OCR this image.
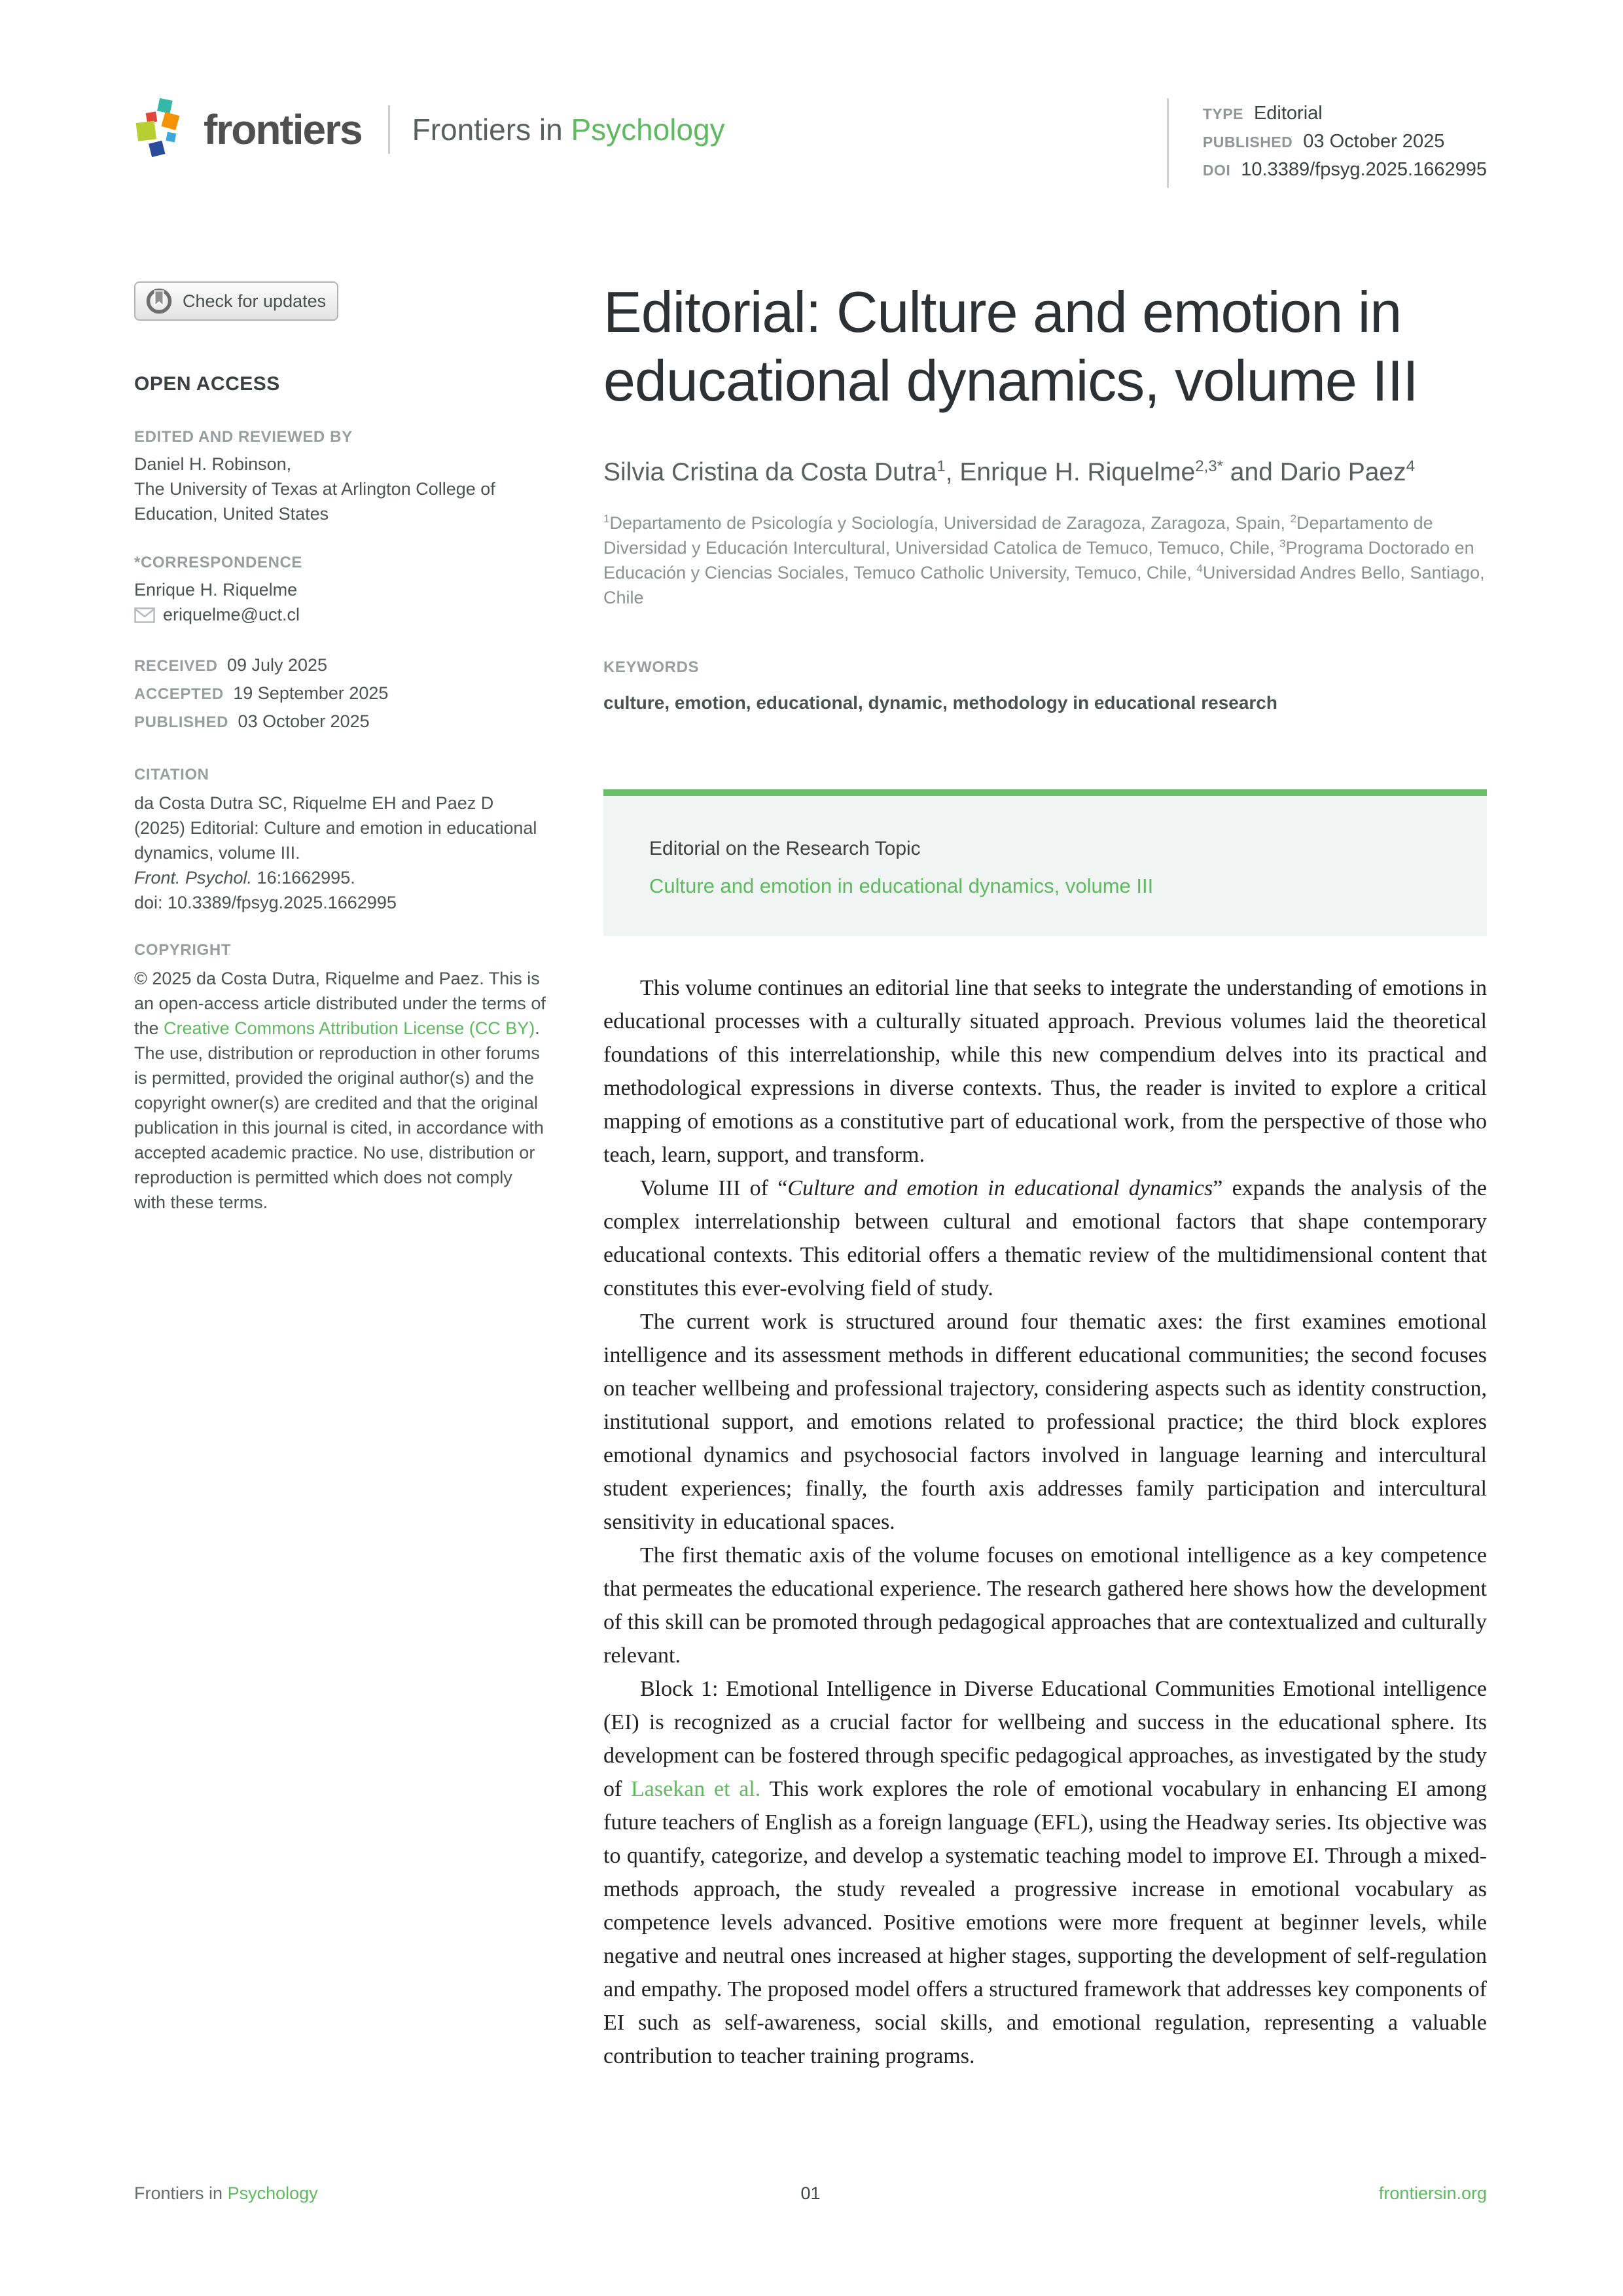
frontiers Frontiers in Psychology	TYPE Editorial
PUBLISHED 03 October 2025
DOI 10.3389/fpsyg.2025.1662995
Check for updates
OPEN ACCESS
EDITED AND REVIEWED BY
Daniel H. Robinson,
The University of Texas at Arlington College of Education, United States
*CORRESPONDENCE
Enrique H. Riquelme
eriquelme@uct.cl
RECEIVED 09 July 2025
ACCEPTED 19 September 2025
PUBLISHED 03 October 2025
CITATION
da Costa Dutra SC, Riquelme EH and Paez D
(2025) Editorial: Culture and emotion in educational dynamics, volume III.
Front. Psychol. 16:1662995.
doi: 10.3389/fpsyg.2025.1662995
COPYRIGHT
© 2025 da Costa Dutra, Riquelme and Paez. This is an open-access article distributed under the terms of the Creative Commons Attribution License (CC BY). The use, distribution or reproduction in other forums is permitted, provided the original author(s) and the copyright owner(s) are credited and that the original publication in this journal is cited, in accordance with accepted academic practice. No use, distribution or reproduction is permitted which does not comply with these terms.
Editorial: Culture and emotion in educational dynamics, volume III
Silvia Cristina da Costa Dutra$^1$, Enrique H. Riquelme$^{2,3*}$ and Dario Paez$^4$
$^1$Departamento de Psicología y Sociología, Universidad de Zaragoza, Zaragoza, Spain, $^2$Departamento de Diversidad y Educación Intercultural, Universidad Catolica de Temuco, Temuco, Chile, $^3$Programa Doctorado en Educación y Ciencias Sociales, Temuco Catholic University, Temuco, Chile, $^4$Universidad Andres Bello, Santiago, Chile
KEYWORDS
culture, emotion, educational, dynamic, methodology in educational research
Editorial on the Research Topic
Culture and emotion in educational dynamics, volume III

This volume continues an editorial line that seeks to integrate the understanding of emotions in educational processes with a culturally situated approach. Previous volumes laid the theoretical foundations of this interrelationship, while this new compendium delves into its practical and methodological expressions in diverse contexts. Thus, the reader is invited to explore a critical mapping of emotions as a constitutive part of educational work, from the perspective of those who teach, learn, support, and transform.

Volume III of “Culture and emotion in educational dynamics” expands the analysis of the complex interrelationship between cultural and emotional factors that shape contemporary educational contexts. This editorial offers a thematic review of the multidimensional content that constitutes this ever-evolving field of study.

The current work is structured around four thematic axes: the first examines emotional intelligence and its assessment methods in different educational communities; the second focuses on teacher wellbeing and professional trajectory, considering aspects such as identity construction, institutional support, and emotions related to professional practice; the third block explores emotional dynamics and psychosocial factors involved in language learning and intercultural student experiences; finally, the fourth axis addresses family participation and intercultural sensitivity in educational spaces.

The first thematic axis of the volume focuses on emotional intelligence as a key competence that permeates the educational experience. The research gathered here shows how the development of this skill can be promoted through pedagogical approaches that are contextualized and culturally relevant.

Block 1: Emotional Intelligence in Diverse Educational Communities Emotional intelligence (EI) is recognized as a crucial factor for wellbeing and success in the educational sphere. Its development can be fostered through specific pedagogical approaches, as investigated by the study of Lasekan et al. This work explores the role of emotional vocabulary in enhancing EI among future teachers of English as a foreign language (EFL), using the Headway series. Its objective was to quantify, categorize, and develop a systematic teaching model to improve EI. Through a mixed-methods approach, the study revealed a progressive increase in emotional vocabulary as competence levels advanced. Positive emotions were more frequent at beginner levels, while negative and neutral ones increased at higher stages, supporting the development of self-regulation and empathy. The proposed model offers a structured framework that addresses key components of EI such as self-awareness, social skills, and emotional regulation, representing a valuable contribution to teacher training programs.

Frontiers in Psychology	01	frontiersin.org
